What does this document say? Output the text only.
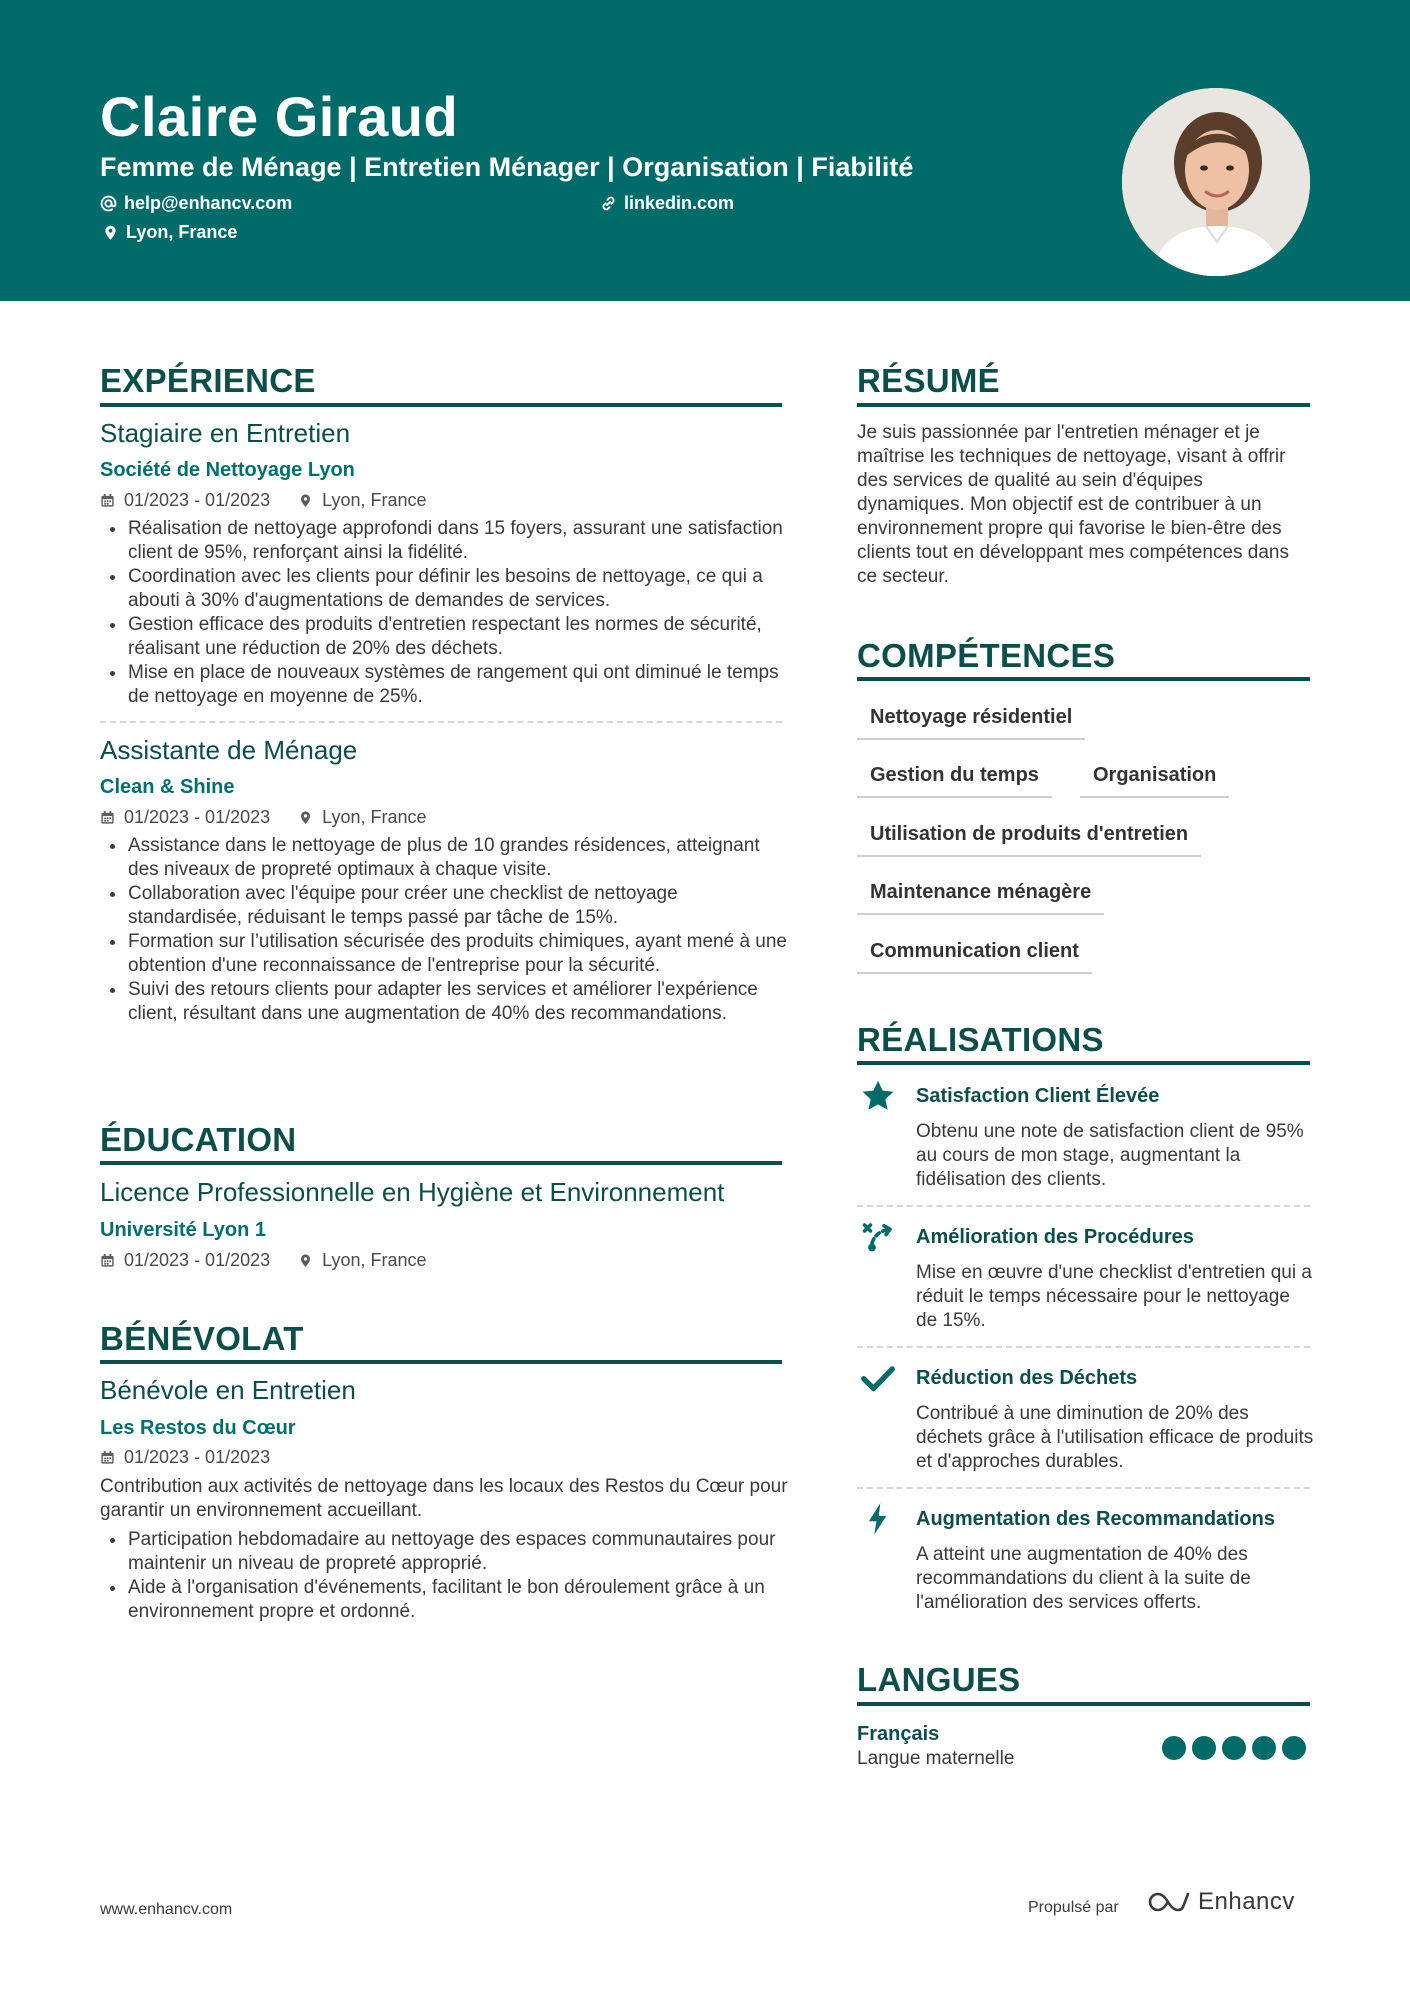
Claire Giraud
Femme de Ménage | Entretien Ménager | Organisation | Fiabilité
help@enhancv.com	linkedin.com
Lyon, France
EXPÉRIENCE
Stagiaire en Entretien
Société de Nettoyage Lyon
01/2023 - 01/2023	Lyon, France
Réalisation de nettoyage approfondi dans 15 foyers, assurant une satisfaction client de 95%, renforçant ainsi la fidélité.
Coordination avec les clients pour définir les besoins de nettoyage, ce qui a abouti à 30% d'augmentations de demandes de services.
Gestion efficace des produits d'entretien respectant les normes de sécurité, réalisant une réduction de 20% des déchets.
Mise en place de nouveaux systèmes de rangement qui ont diminué le temps de nettoyage en moyenne de 25%.
Assistante de Ménage
Clean & Shine
01/2023 - 01/2023	Lyon, France
Assistance dans le nettoyage de plus de 10 grandes résidences, atteignant des niveaux de propreté optimaux à chaque visite.
Collaboration avec l'équipe pour créer une checklist de nettoyage standardisée, réduisant le temps passé par tâche de 15%.
Formation sur l’utilisation sécurisée des produits chimiques, ayant mené à une obtention d'une reconnaissance de l'entreprise pour la sécurité.
Suivi des retours clients pour adapter les services et améliorer l'expérience client, résultant dans une augmentation de 40% des recommandations.
ÉDUCATION
Licence Professionnelle en Hygiène et Environnement
Université Lyon 1
01/2023 - 01/2023	Lyon, France
BÉNÉVOLAT
Bénévole en Entretien
Les Restos du Cœur
01/2023 - 01/2023
Contribution aux activités de nettoyage dans les locaux des Restos du Cœur pour garantir un environnement accueillant.
Participation hebdomadaire au nettoyage des espaces communautaires pour maintenir un niveau de propreté approprié.
Aide à l'organisation d'événements, facilitant le bon déroulement grâce à un environnement propre et ordonné.
RÉSUMÉ
Je suis passionnée par l'entretien ménager et je maîtrise les techniques de nettoyage, visant à offrir des services de qualité au sein d'équipes dynamiques. Mon objectif est de contribuer à un environnement propre qui favorise le bien-être des clients tout en développant mes compétences dans ce secteur.
COMPÉTENCES
Nettoyage résidentiel
Gestion du temps	Organisation
Utilisation de produits d'entretien
Maintenance ménagère
Communication client
RÉALISATIONS
Satisfaction Client Élevée
Obtenu une note de satisfaction client de 95% au cours de mon stage, augmentant la fidélisation des clients.
Amélioration des Procédures
Mise en œuvre d'une checklist d'entretien qui a réduit le temps nécessaire pour le nettoyage de 15%.
Réduction des Déchets
Contribué à une diminution de 20% des déchets grâce à l'utilisation efficace de produits et d'approches durables.
Augmentation des Recommandations
A atteint une augmentation de 40% des recommandations du client à la suite de l'amélioration des services offerts.
LANGUES
Français
Langue maternelle
www.enhancv.com	Propulsé par	Enhancv
